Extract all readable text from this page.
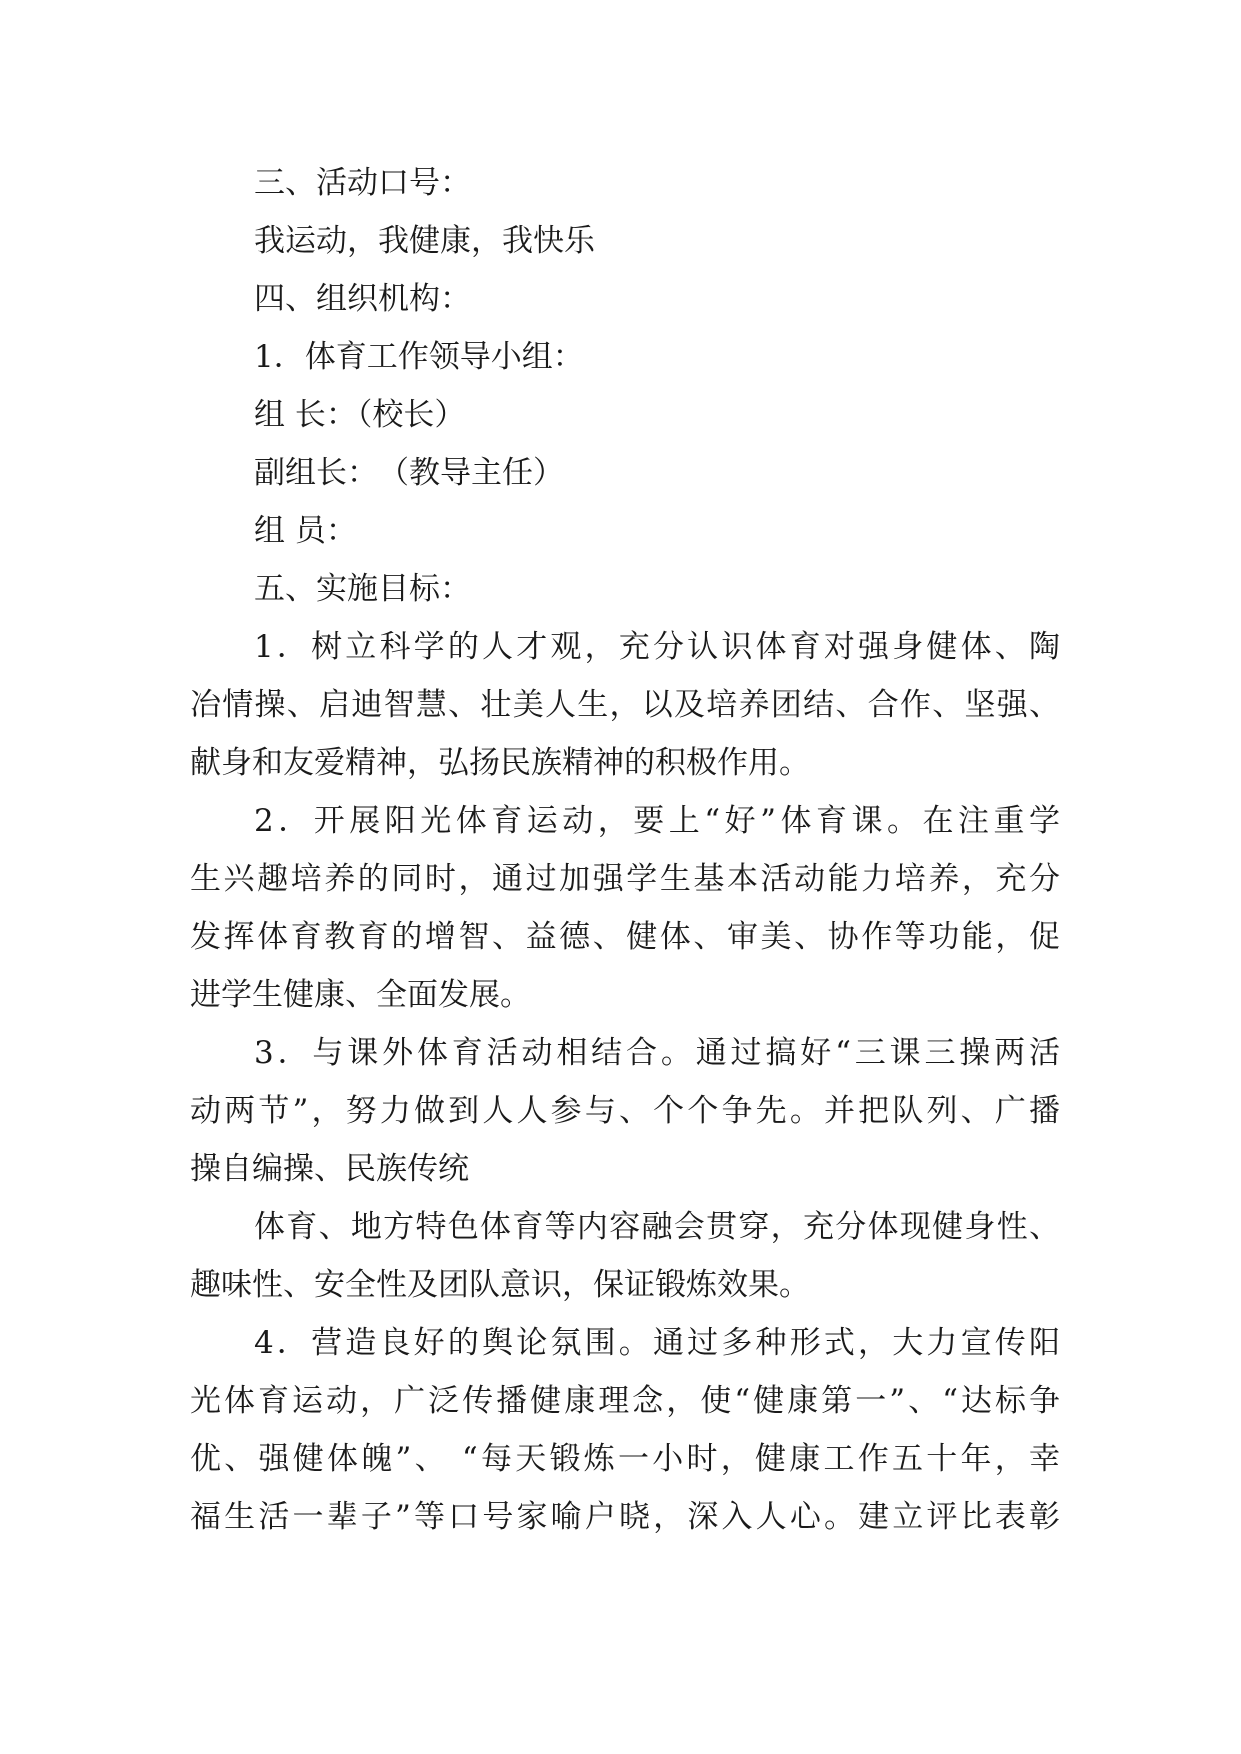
三、活动口号：
我运动，我健康，我快乐
四、组织机构：
1．体育工作领导小组：
组 长：（校长）
副组长：　（教导主任）
组 员：
五、实施目标：
1．树立科学的人才观，充分认识体育对强身健体、陶
冶情操、启迪智慧、壮美人生，以及培养团结、合作、坚强、
献身和友爱精神，弘扬民族精神的积极作用。
2．开展阳光体育运动，要上“好”体育课。在注重学
生兴趣培养的同时，通过加强学生基本活动能力培养，充分
发挥体育教育的增智、益德、健体、审美、协作等功能，促
进学生健康、全面发展。
3．与课外体育活动相结合。通过搞好“三课三操两活
动两节”，努力做到人人参与、个个争先。并把队列、广播
操自编操、民族传统
体育、地方特色体育等内容融会贯穿，充分体现健身性、
趣味性、安全性及团队意识，保证锻炼效果。
4．营造良好的舆论氛围。通过多种形式，大力宣传阳
光体育运动，广泛传播健康理念，使“健康第一”、“达标争
优、强健体魄”、 “每天锻炼一小时，健康工作五十年，幸
福生活一辈子”等口号家喻户晓，深入人心。建立评比表彰
